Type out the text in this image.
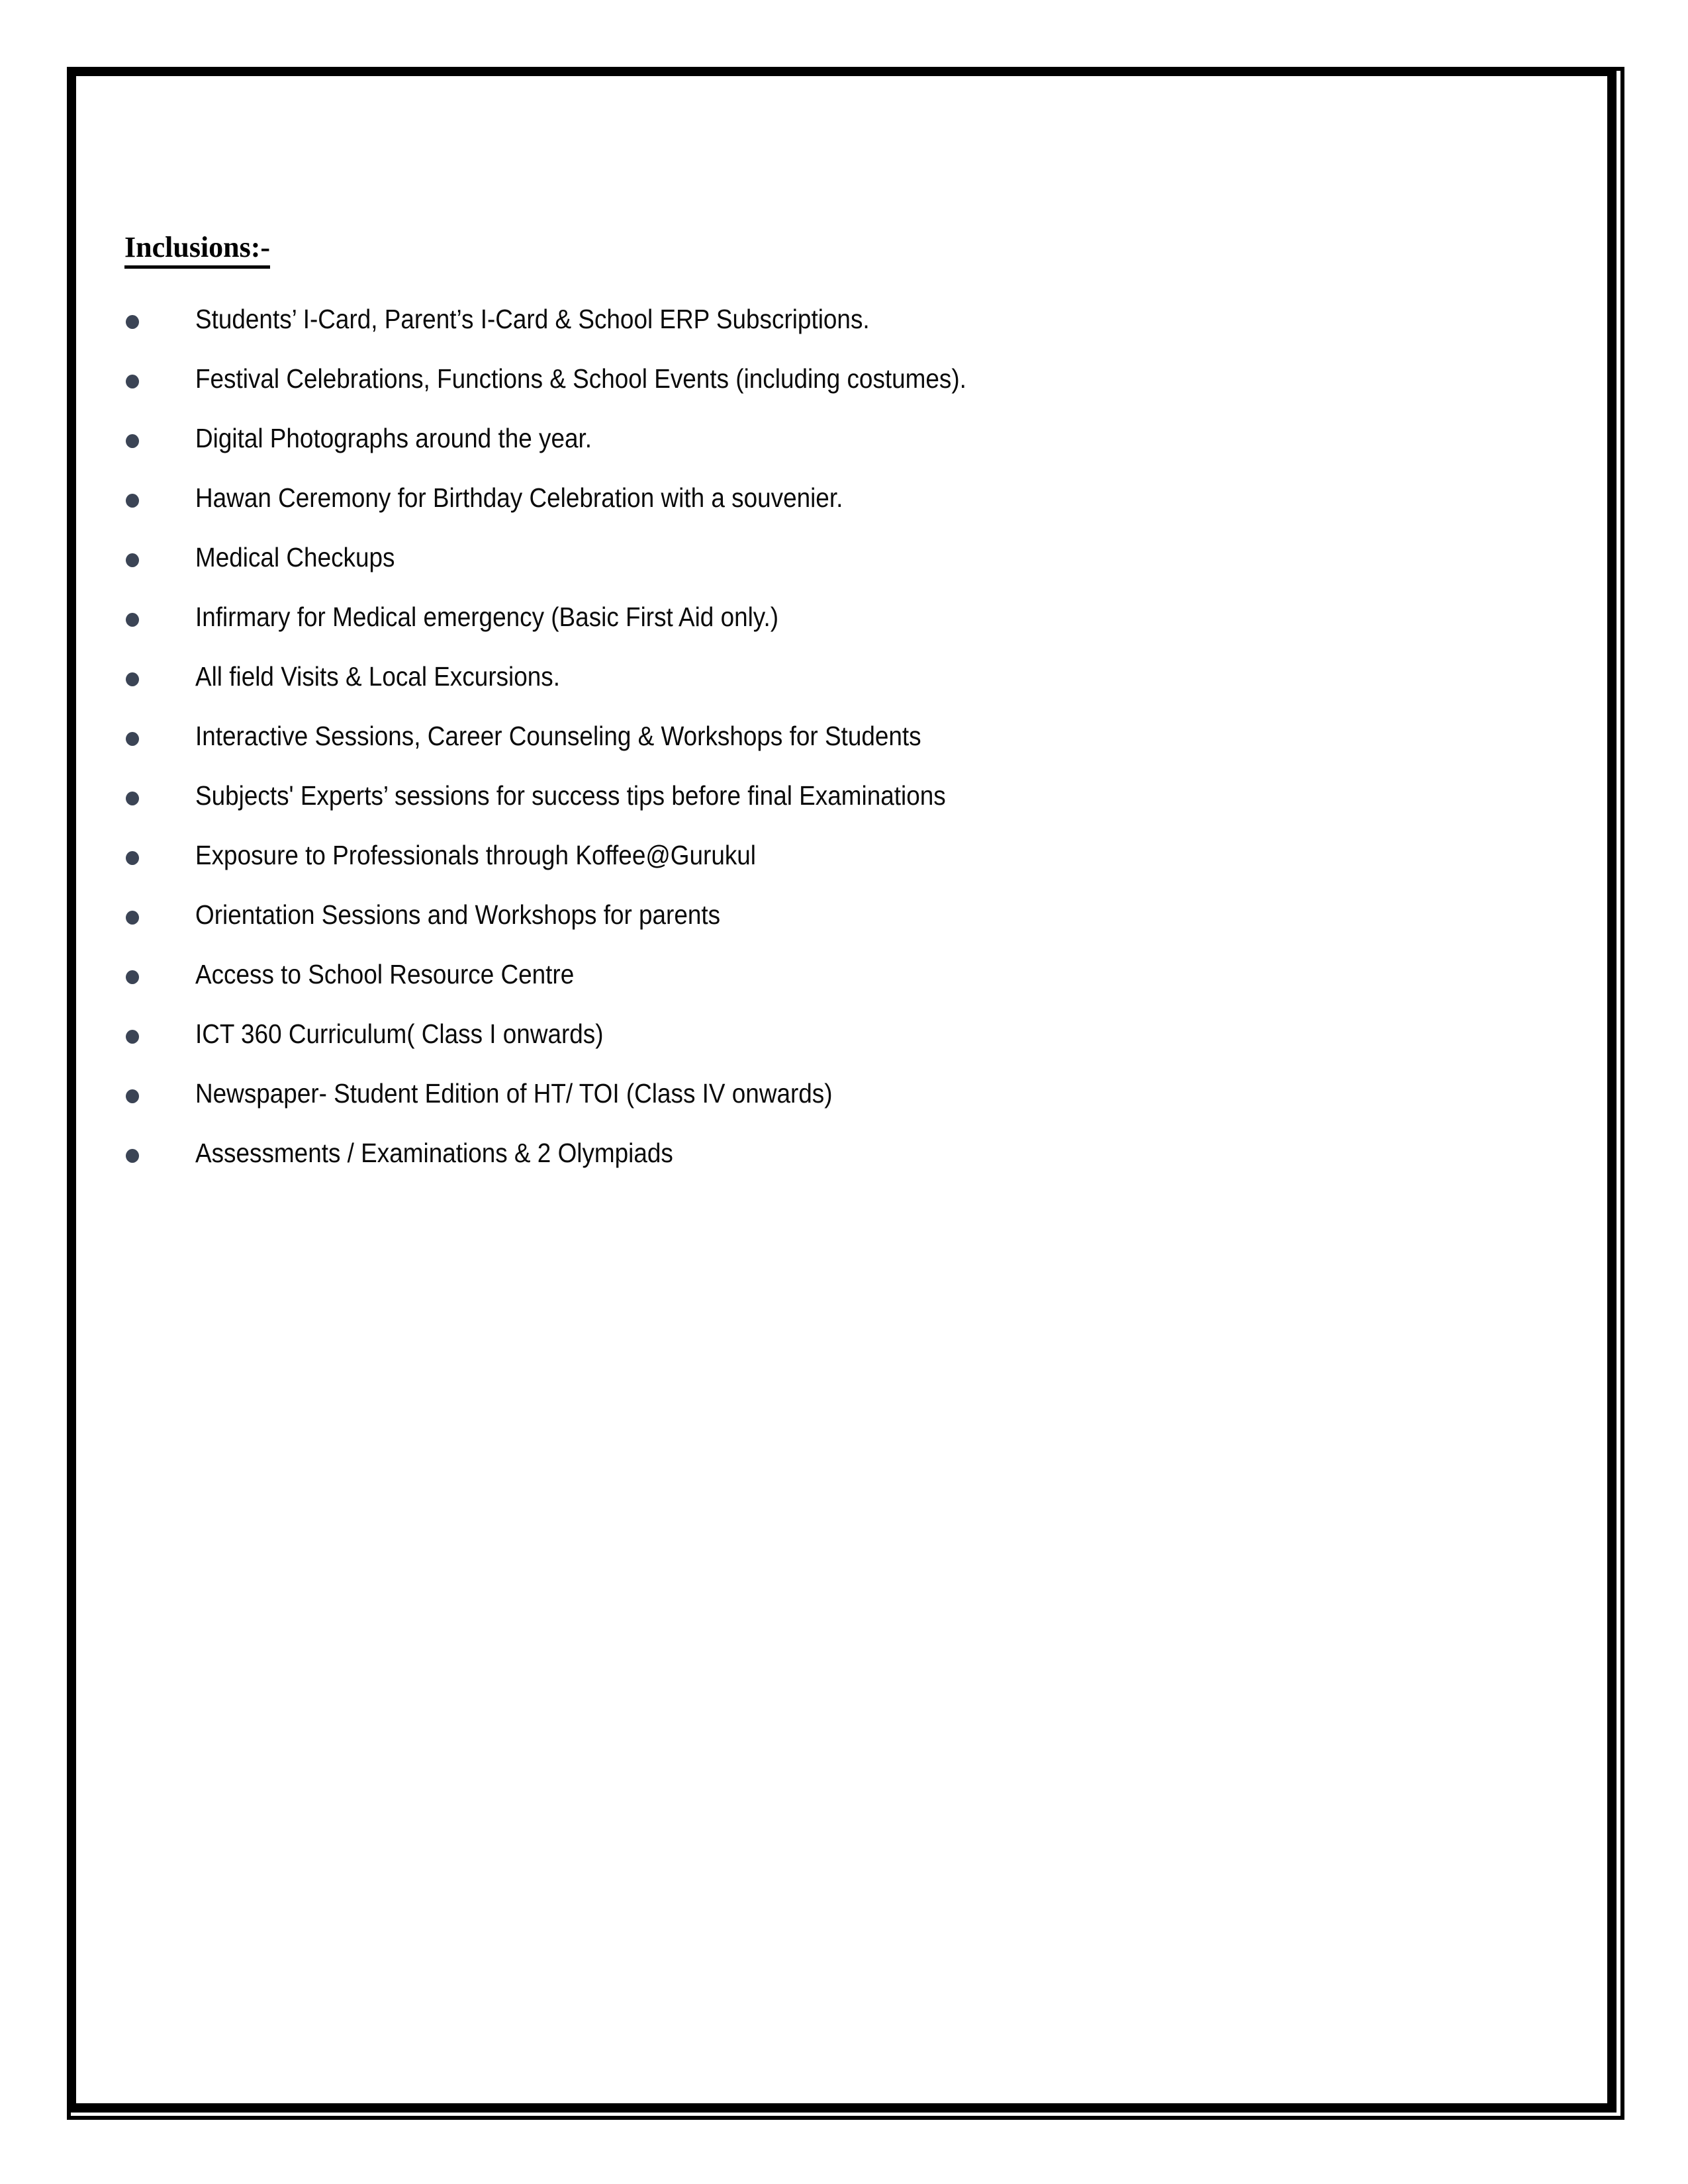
Inclusions:-
Students’ I-Card, Parent’s I-Card & School ERP Subscriptions.
Festival Celebrations, Functions & School Events (including costumes).
Digital Photographs around the year.
Hawan Ceremony for Birthday Celebration with a souvenier.
Medical Checkups
Infirmary for Medical emergency (Basic First Aid only.)
All field Visits & Local Excursions.
Interactive Sessions, Career Counseling & Workshops for Students
Subjects' Experts’ sessions for success tips before final Examinations
Exposure to Professionals through Koffee@Gurukul
Orientation Sessions and Workshops for parents
Access to School Resource Centre
ICT 360 Curriculum( Class I onwards)
Newspaper- Student Edition of HT/ TOI (Class IV onwards)
Assessments / Examinations & 2 Olympiads
